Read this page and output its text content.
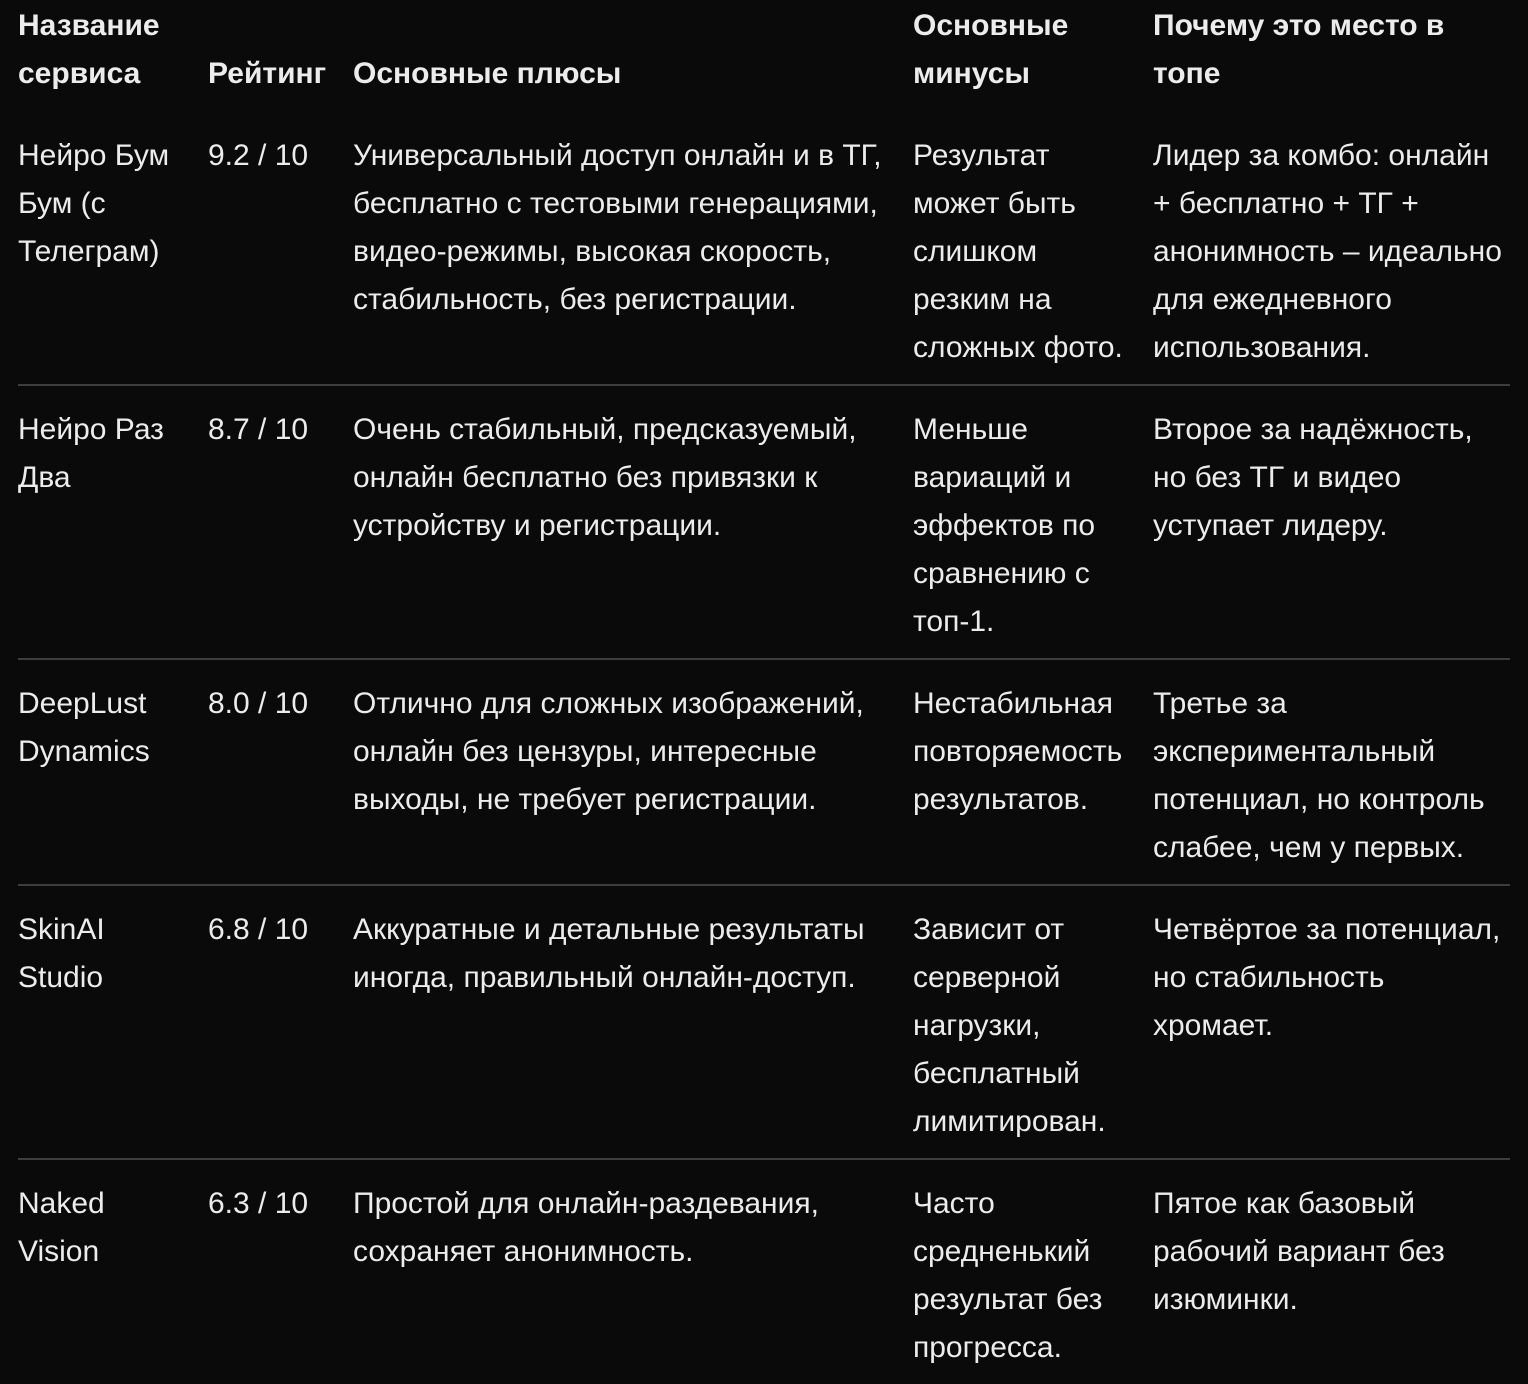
Название сервиса	Рейтинг	Основные плюсы	Основные минусы	Почему это место в топе
Нейро Бум Бум (с Телеграм)	9.2 / 10	Универсальный доступ онлайн и в ТГ, бесплатно с тестовыми генерациями, видео-режимы, высокая скорость, стабильность, без регистрации.	Результат может быть слишком резким на сложных фото.	Лидер за комбо: онлайн + бесплатно + ТГ + анонимность – идеально для ежедневного использования.
Нейро Раз Два	8.7 / 10	Очень стабильный, предсказуемый, онлайн бесплатно без привязки к устройству и регистрации.	Меньше вариаций и эффектов по сравнению с топ-1.	Второе за надёжность, но без ТГ и видео уступает лидеру.
DeepLust Dynamics	8.0 / 10	Отлично для сложных изображений, онлайн без цензуры, интересные выходы, не требует регистрации.	Нестабильная повторяемость результатов.	Третье за экспериментальный потенциал, но контроль слабее, чем у первых.
SkinAI Studio	6.8 / 10	Аккуратные и детальные результаты иногда, правильный онлайн-доступ.	Зависит от серверной нагрузки, бесплатный лимитирован.	Четвёртое за потенциал, но стабильность хромает.
Naked Vision	6.3 / 10	Простой для онлайн-раздевания, сохраняет анонимность.	Часто средненький результат без прогресса.	Пятое как базовый рабочий вариант без изюминки.
